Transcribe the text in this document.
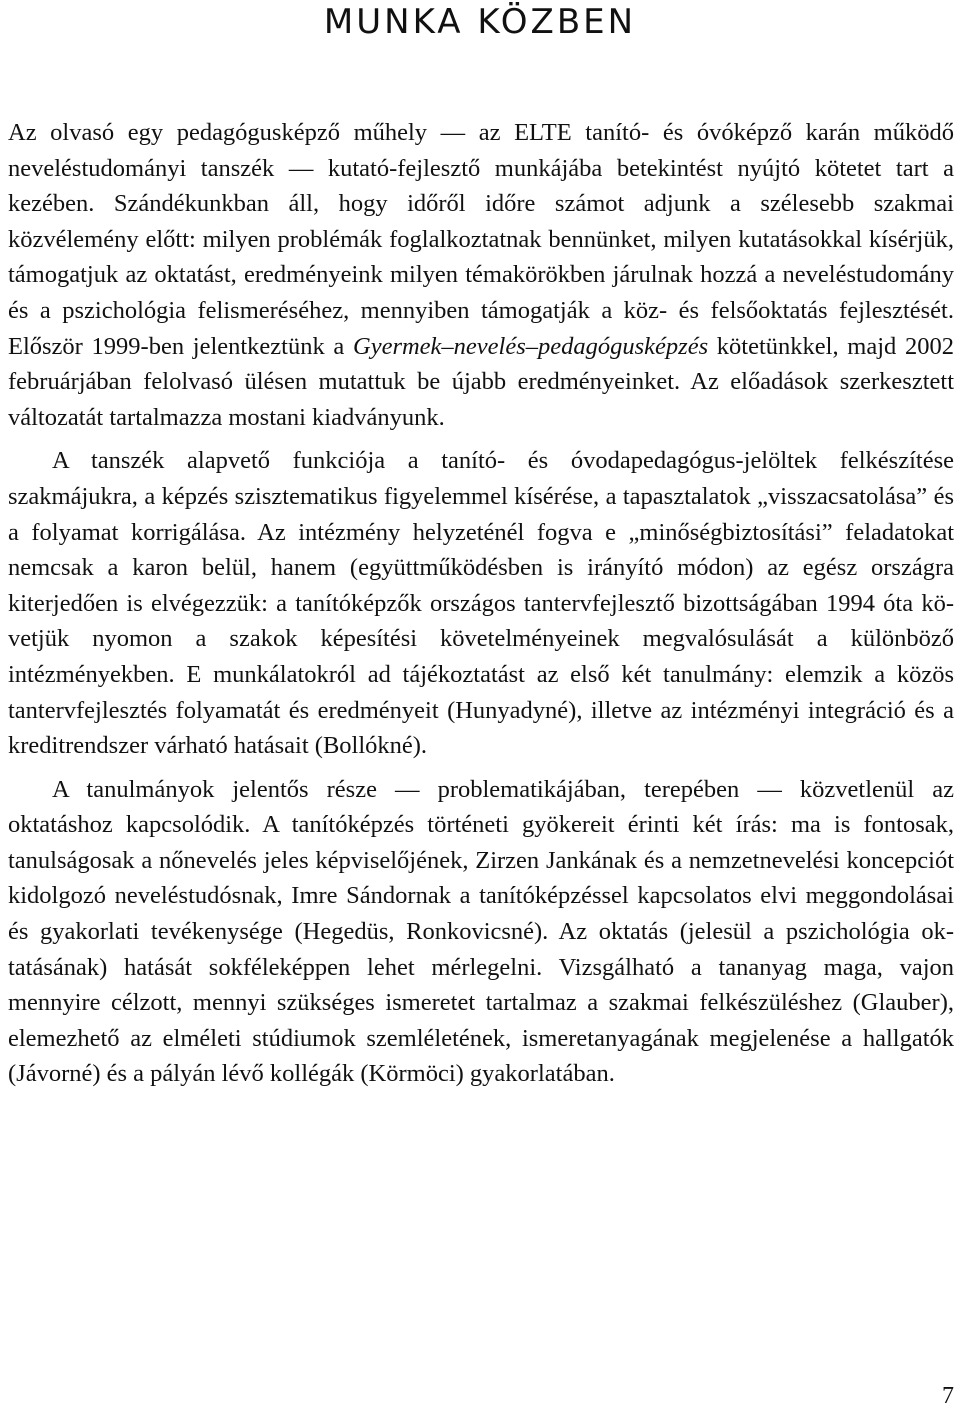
MUNKA KÖZBEN

Az olvasó egy pedagógusképző műhely — az ELTE tanító- és óvóképző karán működő neveléstudományi tanszék — kutató-fejlesztő munkájába betekintést nyújtó kötetet tart a kezében. Szándékunkban áll, hogy időről időre számot adjunk a szélesebb szakmai közvélemény előtt: milyen problémák foglalkoztatnak bennünket, milyen kutatásokkal kísérjük, támogatjuk az oktatást, eredményeink milyen témakörökben járulnak hozzá a neveléstudomány és a pszichológia felismeréséhez, mennyiben támogatják a köz- és felsőoktatás fejlesztését. Először 1999-ben jelentkeztünk a Gyermek–nevelés–pedagógusképzés kötetünkkel, majd 2002 februárjában felolvasó ülésen mutattuk be újabb eredményeinket. Az előadások szerkesztett változatát tartalmazza mostani kiadványunk.

A tanszék alapvető funkciója a tanító- és óvodapedagógus-jelöltek felkészítése szakmájukra, a képzés szisztematikus figyelemmel kísérése, a tapasztalatok „visszacsatolása” és a folyamat korrigálása. Az intézmény helyzeténél fogva e „minőségbiztosítási” feladatokat nemcsak a karon belül, hanem (együttműködésben is irányító módon) az egész országra kiterjedően is elvégezzük: a tanítóképzők országos tantervfejlesztő bizottságában 1994 óta követjük nyomon a szakok képesítési követelményeinek megvalósulását a különböző intézményekben. E munkálatokról ad tájékoztatást az első két tanulmány: elemzik a közös tantervfejlesztés folyamatát és eredményeit (Hunyadyné), illetve az intézményi integráció és a kreditrendszer várható hatásait (Bollókné).

A tanulmányok jelentős része — problematikájában, terepében — közvetlenül az oktatáshoz kapcsolódik. A tanítóképzés történeti gyökereit érinti két írás: ma is fontosak, tanulságosak a nőnevelés jeles képviselőjének, Zirzen Jankának és a nemzetnevelési koncepciót kidolgozó neveléstudósnak, Imre Sándornak a tanítóképzéssel kapcsolatos elvi meggondolásai és gyakorlati tevékenysége (Hegedüs, Ronkovicsné). Az oktatás (jelesül a pszichológia oktatásának) hatását sokféleképpen lehet mérlegelni. Vizsgálható a tananyag maga, vajon mennyire célzott, mennyi szükséges ismeretet tartalmaz a szakmai felkészüléshez (Glauber), elemezhető az elméleti stúdiumok szemléletének, ismeretanyagának megjelenése a hallgatók (Jávorné) és a pályán lévő kollégák (Körmöci) gyakorlatában.

7
